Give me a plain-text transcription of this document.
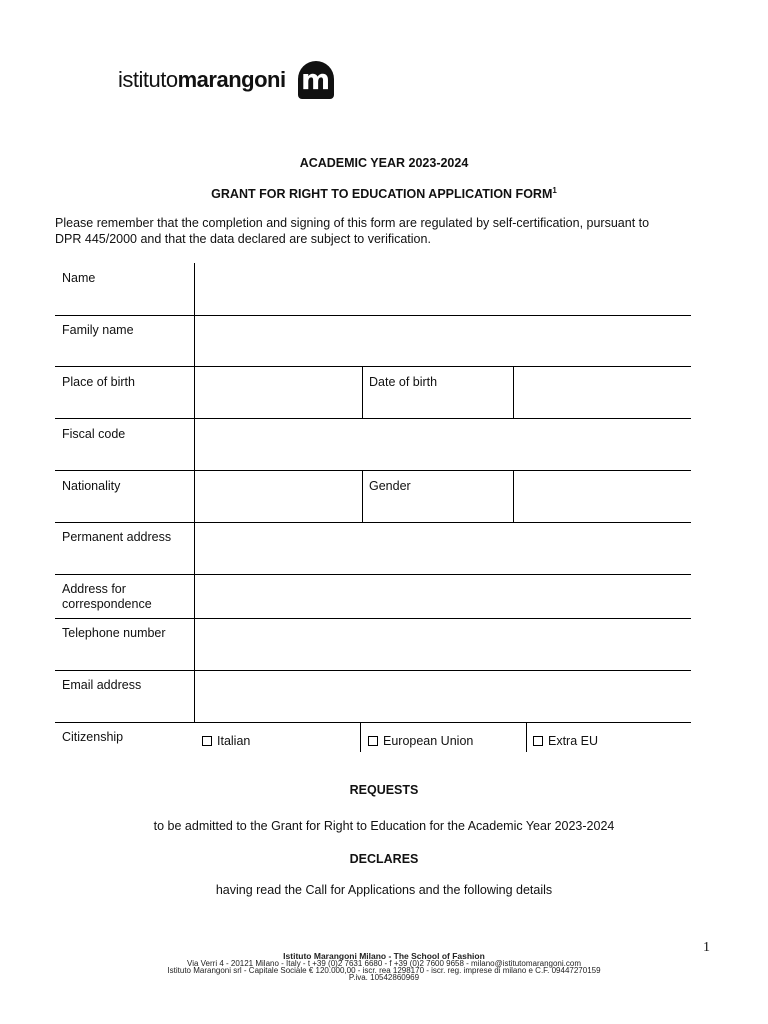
istitutomarangoni m
ACADEMIC YEAR 2023-2024
GRANT FOR RIGHT TO EDUCATION APPLICATION FORM$^1$
Please remember that the completion and signing of this form are regulated by self-certification, pursuant to
DPR 445/2000 and that the data declared are subject to verification.
Name
Family name
Place of birth	Date of birth
Fiscal code
Nationality	Gender
Permanent address
Address for
correspondence
Telephone number
Email address
Citizenship	Italian	European Union	Extra EU
REQUESTS
to be admitted to the Grant for Right to Education for the Academic Year 2023-2024
DECLARES
having read the Call for Applications and the following details
1
Istituto Marangoni Milano - The School of Fashion
Via Verri 4 - 20121 Milano - Italy - t +39 (0)2 7631 6680 - f +39 (0)2 7600 9658 - milano@istitutomarangoni.com
Istituto Marangoni srl - Capitale Sociale € 120.000,00 - iscr. rea 1298170 - iscr. reg. imprese di milano e C.F. 09447270159
P.iva. 10542860969
